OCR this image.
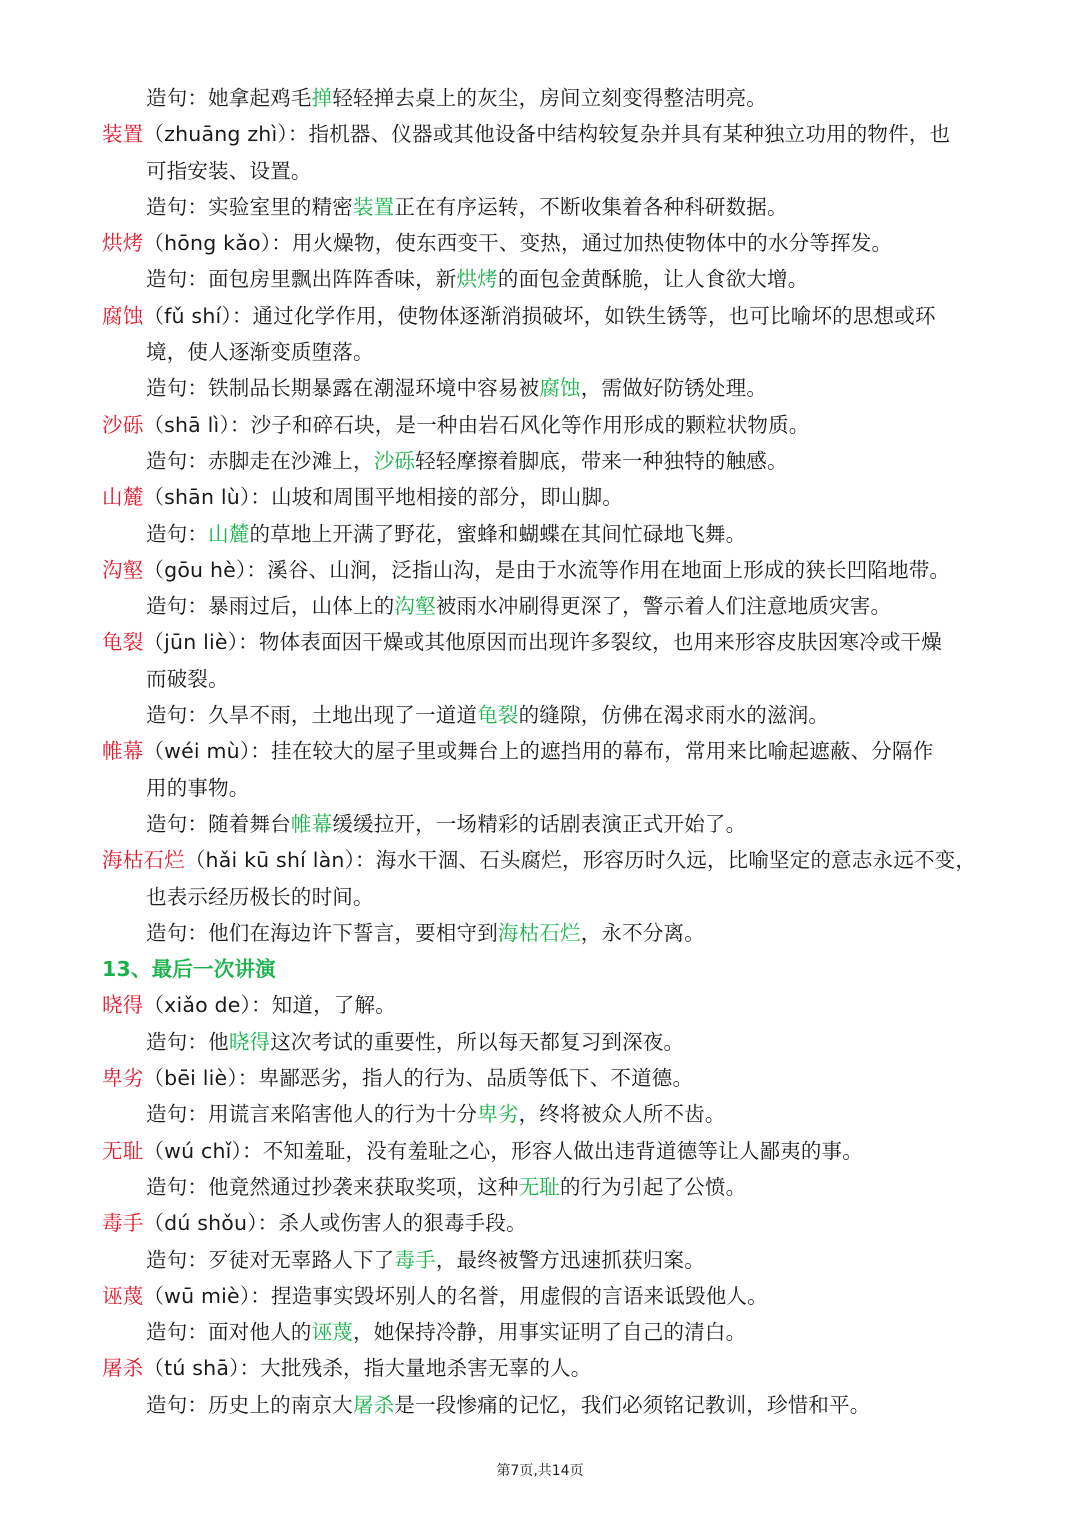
造句：她拿起鸡毛掸轻轻掸去桌上的灰尘，房间立刻变得整洁明亮。
装置（zhuāng zhì）：指机器、仪器或其他设备中结构较复杂并具有某种独立功用的物件，也
可指安装、设置。
造句：实验室里的精密装置正在有序运转，不断收集着各种科研数据。
烘烤（hōng kǎo）：用火燥物，使东西变干、变热，通过加热使物体中的水分等挥发。
造句：面包房里飘出阵阵香味，新烘烤的面包金黄酥脆，让人食欲大增。
腐蚀（fǔ shí）：通过化学作用，使物体逐渐消损破坏，如铁生锈等，也可比喻坏的思想或环
境，使人逐渐变质堕落。
造句：铁制品长期暴露在潮湿环境中容易被腐蚀，需做好防锈处理。
沙砾（shā lì）：沙子和碎石块，是一种由岩石风化等作用形成的颗粒状物质。
造句：赤脚走在沙滩上，沙砾轻轻摩擦着脚底，带来一种独特的触感。
山麓（shān lù）：山坡和周围平地相接的部分，即山脚。
造句：山麓的草地上开满了野花，蜜蜂和蝴蝶在其间忙碌地飞舞。
沟壑（gōu hè）：溪谷、山涧，泛指山沟，是由于水流等作用在地面上形成的狭长凹陷地带。
造句：暴雨过后，山体上的沟壑被雨水冲刷得更深了，警示着人们注意地质灾害。
龟裂（jūn liè）：物体表面因干燥或其他原因而出现许多裂纹，也用来形容皮肤因寒冷或干燥
而破裂。
造句：久旱不雨，土地出现了一道道龟裂的缝隙，仿佛在渴求雨水的滋润。
帷幕（wéi mù）：挂在较大的屋子里或舞台上的遮挡用的幕布，常用来比喻起遮蔽、分隔作
用的事物。
造句：随着舞台帷幕缓缓拉开，一场精彩的话剧表演正式开始了。
海枯石烂（hǎi kū shí làn）：海水干涸、石头腐烂，形容历时久远，比喻坚定的意志永远不变，
也表示经历极长的时间。
造句：他们在海边许下誓言，要相守到海枯石烂，永不分离。
13、最后一次讲演
晓得（xiǎo de）：知道，了解。
造句：他晓得这次考试的重要性，所以每天都复习到深夜。
卑劣（bēi liè）：卑鄙恶劣，指人的行为、品质等低下、不道德。
造句：用谎言来陷害他人的行为十分卑劣，终将被众人所不齿。
无耻（wú chǐ）：不知羞耻，没有羞耻之心，形容人做出违背道德等让人鄙夷的事。
造句：他竟然通过抄袭来获取奖项，这种无耻的行为引起了公愤。
毒手（dú shǒu）：杀人或伤害人的狠毒手段。
造句：歹徒对无辜路人下了毒手，最终被警方迅速抓获归案。
诬蔑（wū miè）：捏造事实毁坏别人的名誉，用虚假的言语来诋毁他人。
造句：面对他人的诬蔑，她保持冷静，用事实证明了自己的清白。
屠杀（tú shā）：大批残杀，指大量地杀害无辜的人。
造句：历史上的南京大屠杀是一段惨痛的记忆，我们必须铭记教训，珍惜和平。
第7页,共14页
